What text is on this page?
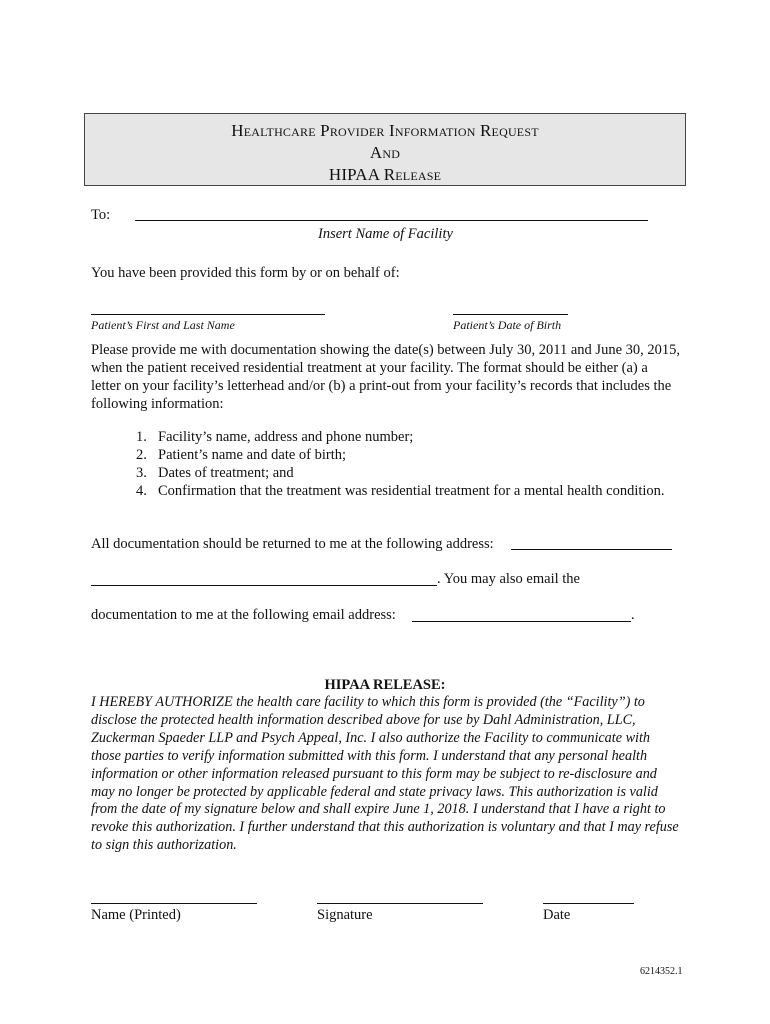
Healthcare Provider Information Request
And
HIPAA Release
To:
Insert Name of Facility
You have been provided this form by or on behalf of:
Patient’s First and Last Name	Patient’s Date of Birth
Please provide me with documentation showing the date(s) between July 30, 2011 and June 30, 2015, when the patient received residential treatment at your facility. The format should be either (a) a letter on your facility’s letterhead and/or (b) a print-out from your facility’s records that includes the following information:
1. Facility’s name, address and phone number;
2. Patient’s name and date of birth;
3. Dates of treatment; and
4. Confirmation that the treatment was residential treatment for a mental health condition.
All documentation should be returned to me at the following address:
. You may also email the
documentation to me at the following email address:	.
HIPAA RELEASE:
I HEREBY AUTHORIZE the health care facility to which this form is provided (the “Facility”) to disclose the protected health information described above for use by Dahl Administration, LLC, Zuckerman Spaeder LLP and Psych Appeal, Inc. I also authorize the Facility to communicate with those parties to verify information submitted with this form. I understand that any personal health information or other information released pursuant to this form may be subject to re-disclosure and may no longer be protected by applicable federal and state privacy laws. This authorization is valid from the date of my signature below and shall expire June 1, 2018. I understand that I have a right to revoke this authorization. I further understand that this authorization is voluntary and that I may refuse to sign this authorization.
Name (Printed)	Signature	Date
6214352.1
